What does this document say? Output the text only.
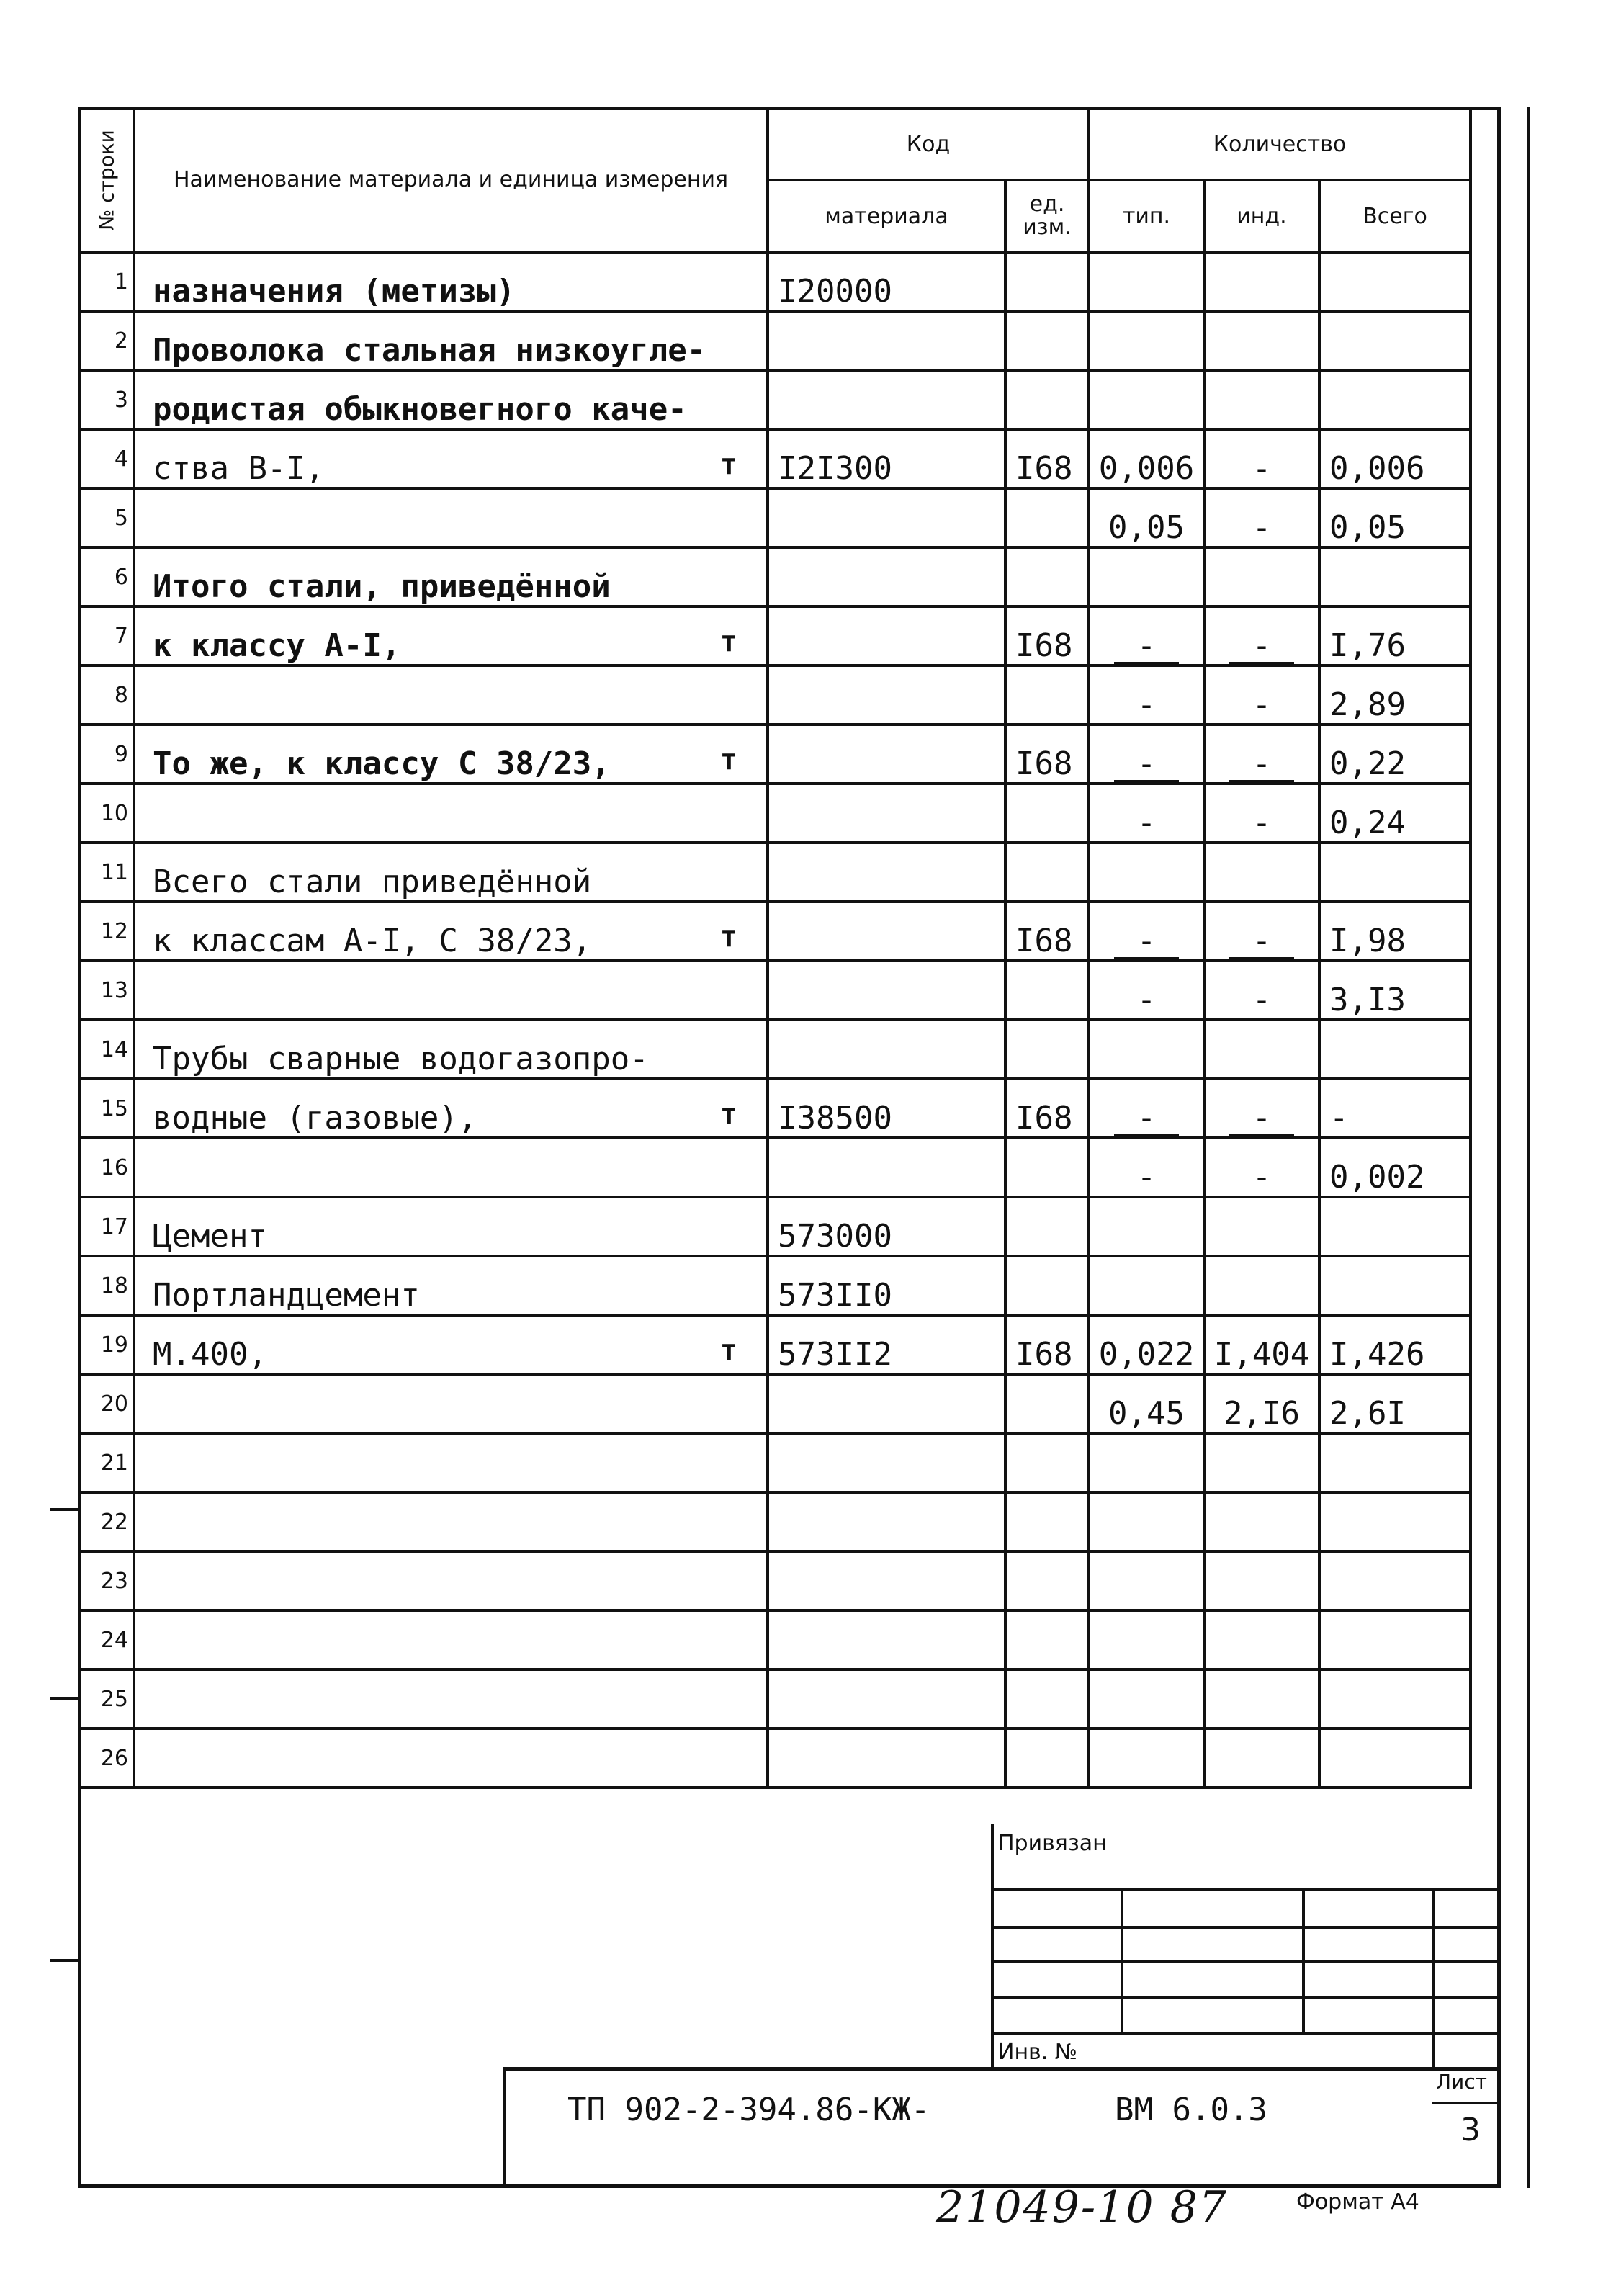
№ строки	Наименование материала и единица измерения	Код		Количество			
		материала	ед. изм.	тип.	инд.	Всего	
1	назначения (метизы)	I20000					
2	Проволока стальная низкоугле-	

3	родистая обыкновегного каче-	

4	ства В-I, т	I2I300	I68	0,006	-	0,006	
5				0,05	-	0,05	
6	Итого стали, приведённой	

7	к классу А-I, т		I68	-	-	I,76	
8				-	-	2,89	
9	То же, к классу С 38/23, т		I68	-	-	0,22	
10				-	-	0,24	
11	Всего стали приведённой	

12	к классам А-I, С 38/23, т		I68	-	-	I,98	
13				-	-	3,I3	
14	Трубы сварные водогазопро-	

15	водные (газовые), т	I38500	I68	-	-	-	
16				-	-	0,002	
17	Цемент	573000					
18	Портландцемент	573II0					
19	М.400, т	573II2	I68	0,022	I,404	I,426	
20				0,45	2,I6	2,6I	
21		

22		

23		

24		

25		

26		

Привязан
Инв. №
ТП 902-2-394.86-КЖ-	ВМ 6.0.3
Лист
3
21049-10 87	Формат А4
